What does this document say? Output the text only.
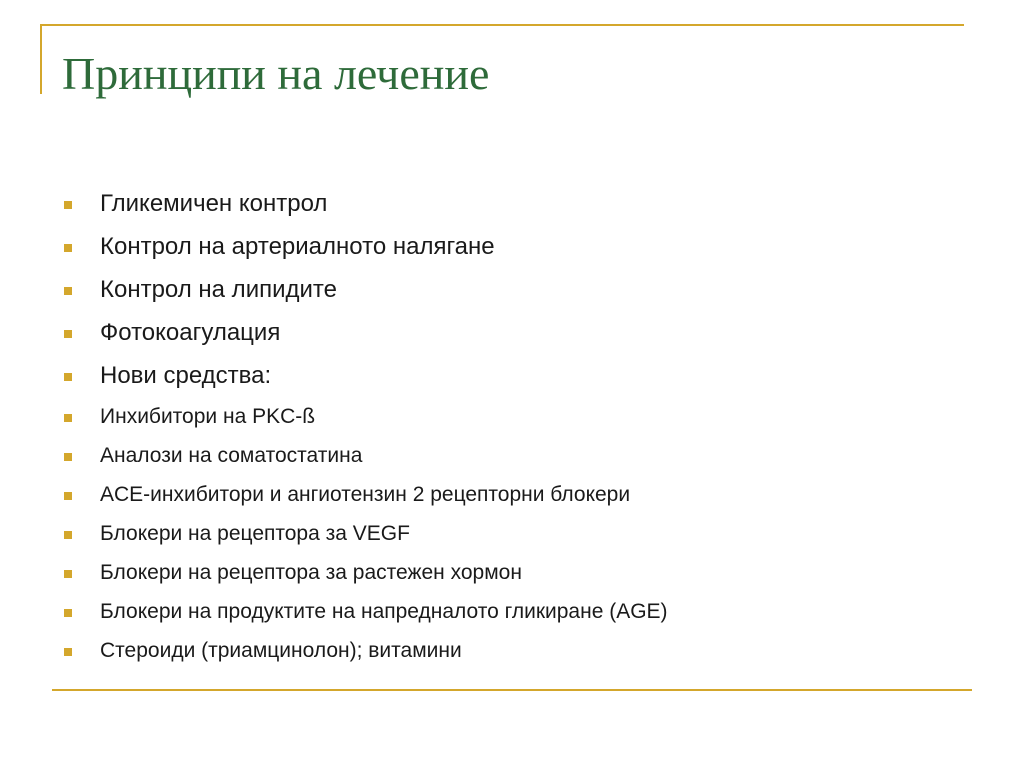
Принципи на лечение
Гликемичен контрол
Контрол на артериалното налягане
Контрол на липидите
Фотокоагулация
Нови средства:
Инхибитори на PKC-ß
Аналози на соматостатина
ACE-инхибитори и ангиотензин 2 рецепторни блокери
Блокери на рецептора за VEGF
Блокери на рецептора за растежен хормон
Блокери на продуктите на напредналото гликиране (AGE)
Стероиди (триамцинолон); витамини
